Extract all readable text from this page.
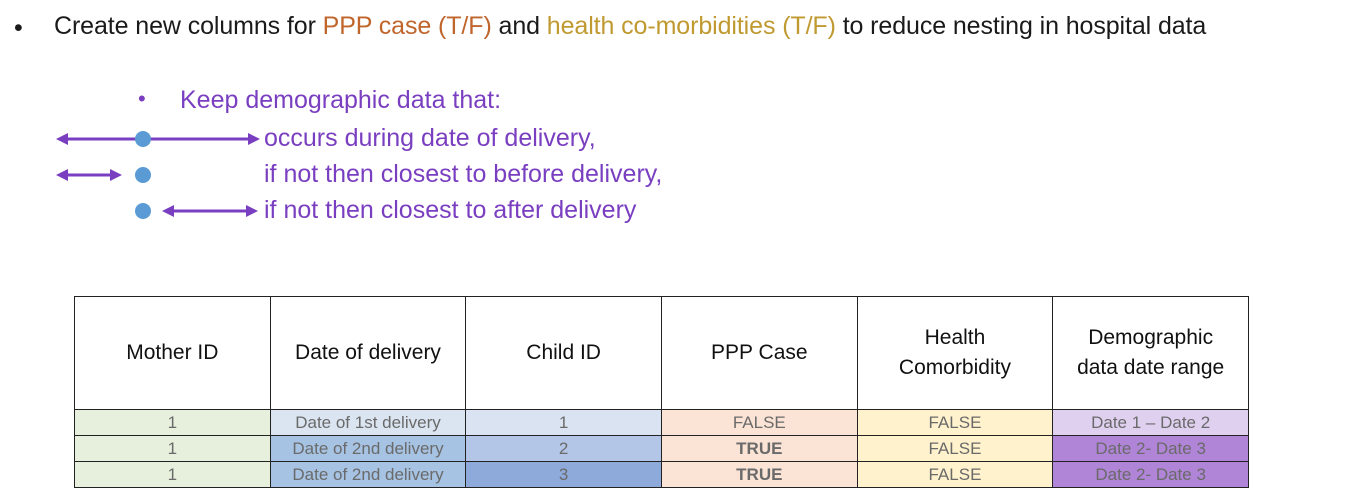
• Create new columns for PPP case (T/F) and health co-morbidities (T/F) to reduce nesting in hospital data
• Keep demographic data that:
occurs during date of delivery,
if not then closest to before delivery,
if not then closest to after delivery
Mother ID	Date of delivery	Child ID	PPP Case	Health Comorbidity	Demographic data date range
1	Date of 1st delivery	1	FALSE	FALSE	Date 1 – Date 2
1	Date of 2nd delivery	2	TRUE	FALSE	Date 2- Date 3
1	Date of 2nd delivery	3	TRUE	FALSE	Date 2- Date 3
